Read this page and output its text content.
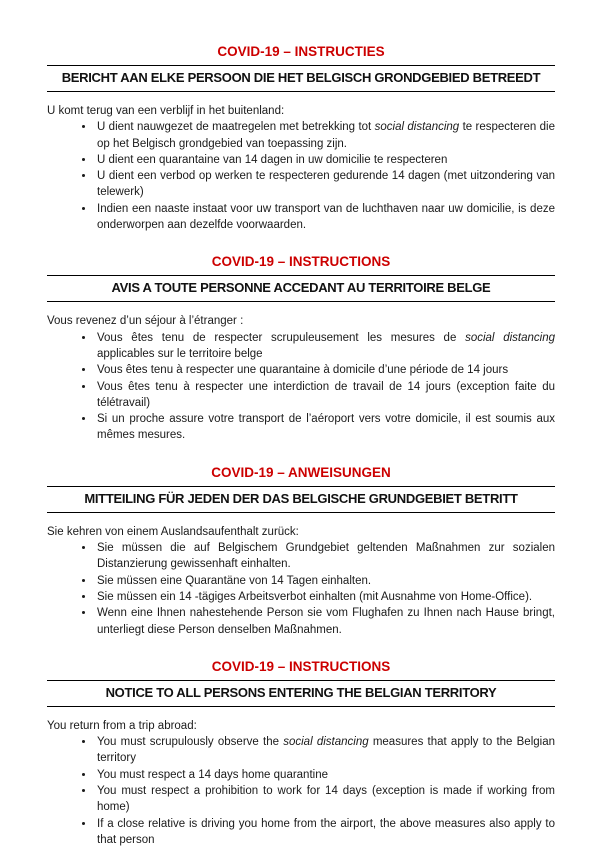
COVID-19 – INSTRUCTIES
BERICHT AAN ELKE PERSOON DIE HET BELGISCH GRONDGEBIED BETREEDT

U komt terug van een verblijf in het buitenland:

• U dient nauwgezet de maatregelen met betrekking tot social distancing te respecteren die op het Belgisch grondgebied van toepassing zijn.
• U dient een quarantaine van 14 dagen in uw domicilie te respecteren
• U dient een verbod op werken te respecteren gedurende 14 dagen (met uitzondering van telewerk)
• Indien een naaste instaat voor uw transport van de luchthaven naar uw domicilie, is deze onderworpen aan dezelfde voorwaarden.
COVID-19 – INSTRUCTIONS
AVIS A TOUTE PERSONNE ACCEDANT AU TERRITOIRE BELGE

Vous revenez d’un séjour à l’étranger :

• Vous êtes tenu de respecter scrupuleusement les mesures de social distancing applicables sur le territoire belge
• Vous êtes tenu à respecter une quarantaine à domicile d’une période de 14 jours
• Vous êtes tenu à respecter une interdiction de travail de 14 jours (exception faite du télétravail)
• Si un proche assure votre transport de l’aéroport vers votre domicile, il est soumis aux mêmes mesures.
COVID-19 – ANWEISUNGEN
MITTEILING FÜR JEDEN DER DAS BELGISCHE GRUNDGEBIET BETRITT

Sie kehren von einem Auslandsaufenthalt zurück:

• Sie müssen die auf Belgischem Grundgebiet geltenden Maßnahmen zur sozialen Distanzierung gewissenhaft einhalten.
• Sie müssen eine Quarantäne von 14 Tagen einhalten.
• Sie müssen ein 14 -tägiges Arbeitsverbot einhalten (mit Ausnahme von Home-Office).
• Wenn eine Ihnen nahestehende Person sie vom Flughafen zu Ihnen nach Hause bringt, unterliegt diese Person denselben Maßnahmen.
COVID-19 – INSTRUCTIONS
NOTICE TO ALL PERSONS ENTERING THE BELGIAN TERRITORY

You return from a trip abroad:

• You must scrupulously observe the social distancing measures that apply to the Belgian territory
• You must respect a 14 days home quarantine
• You must respect a prohibition to work for 14 days (exception is made if working from home)
• If a close relative is driving you home from the airport, the above measures also apply to that person
